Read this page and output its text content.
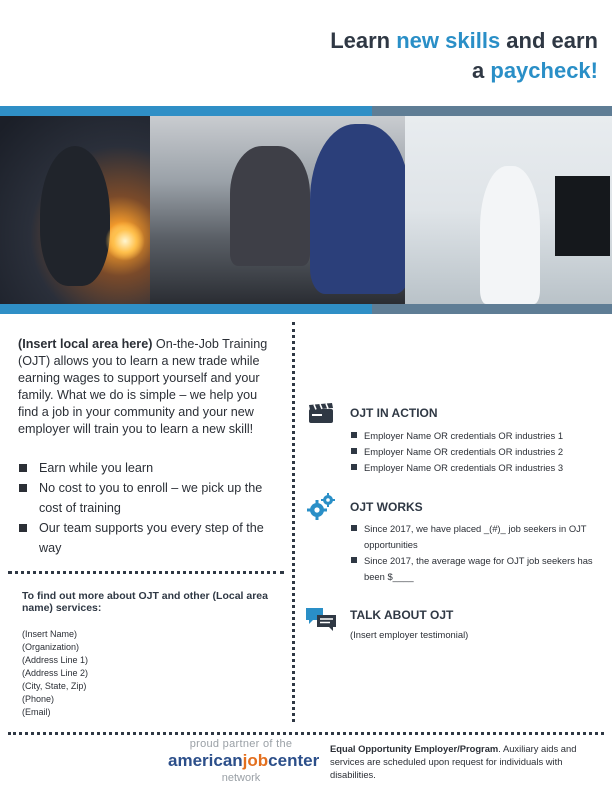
Learn new skills and earn
a paycheck!
(Insert local area here) On-the-Job Training (OJT) allows you to learn a new trade while earning wages to support yourself and your family. What we do is simple – we help you find a job in your community and your new employer will train you to learn a new skill!
Earn while you learn
No cost to you to enroll – we pick up the cost of training
Our team supports you every step of the way
To find out more about OJT and other (Local area name) services:
(Insert Name)
(Organization)
(Address Line 1)
(Address Line 2)
(City, State, Zip)
(Phone)
(Email)
OJT IN ACTION
Employer Name OR credentials OR industries 1
Employer Name OR credentials OR industries 2
Employer Name OR credentials OR industries 3
OJT WORKS
Since 2017, we have placed _(#)_ job seekers in OJT opportunities
Since 2017, the average wage for OJT job seekers has been $____
TALK ABOUT OJT
(Insert employer testimonial)
proud partner of the
americanjobcenter
network
Equal Opportunity Employer/Program. Auxiliary aids and services are scheduled upon request for individuals with disabilities.
